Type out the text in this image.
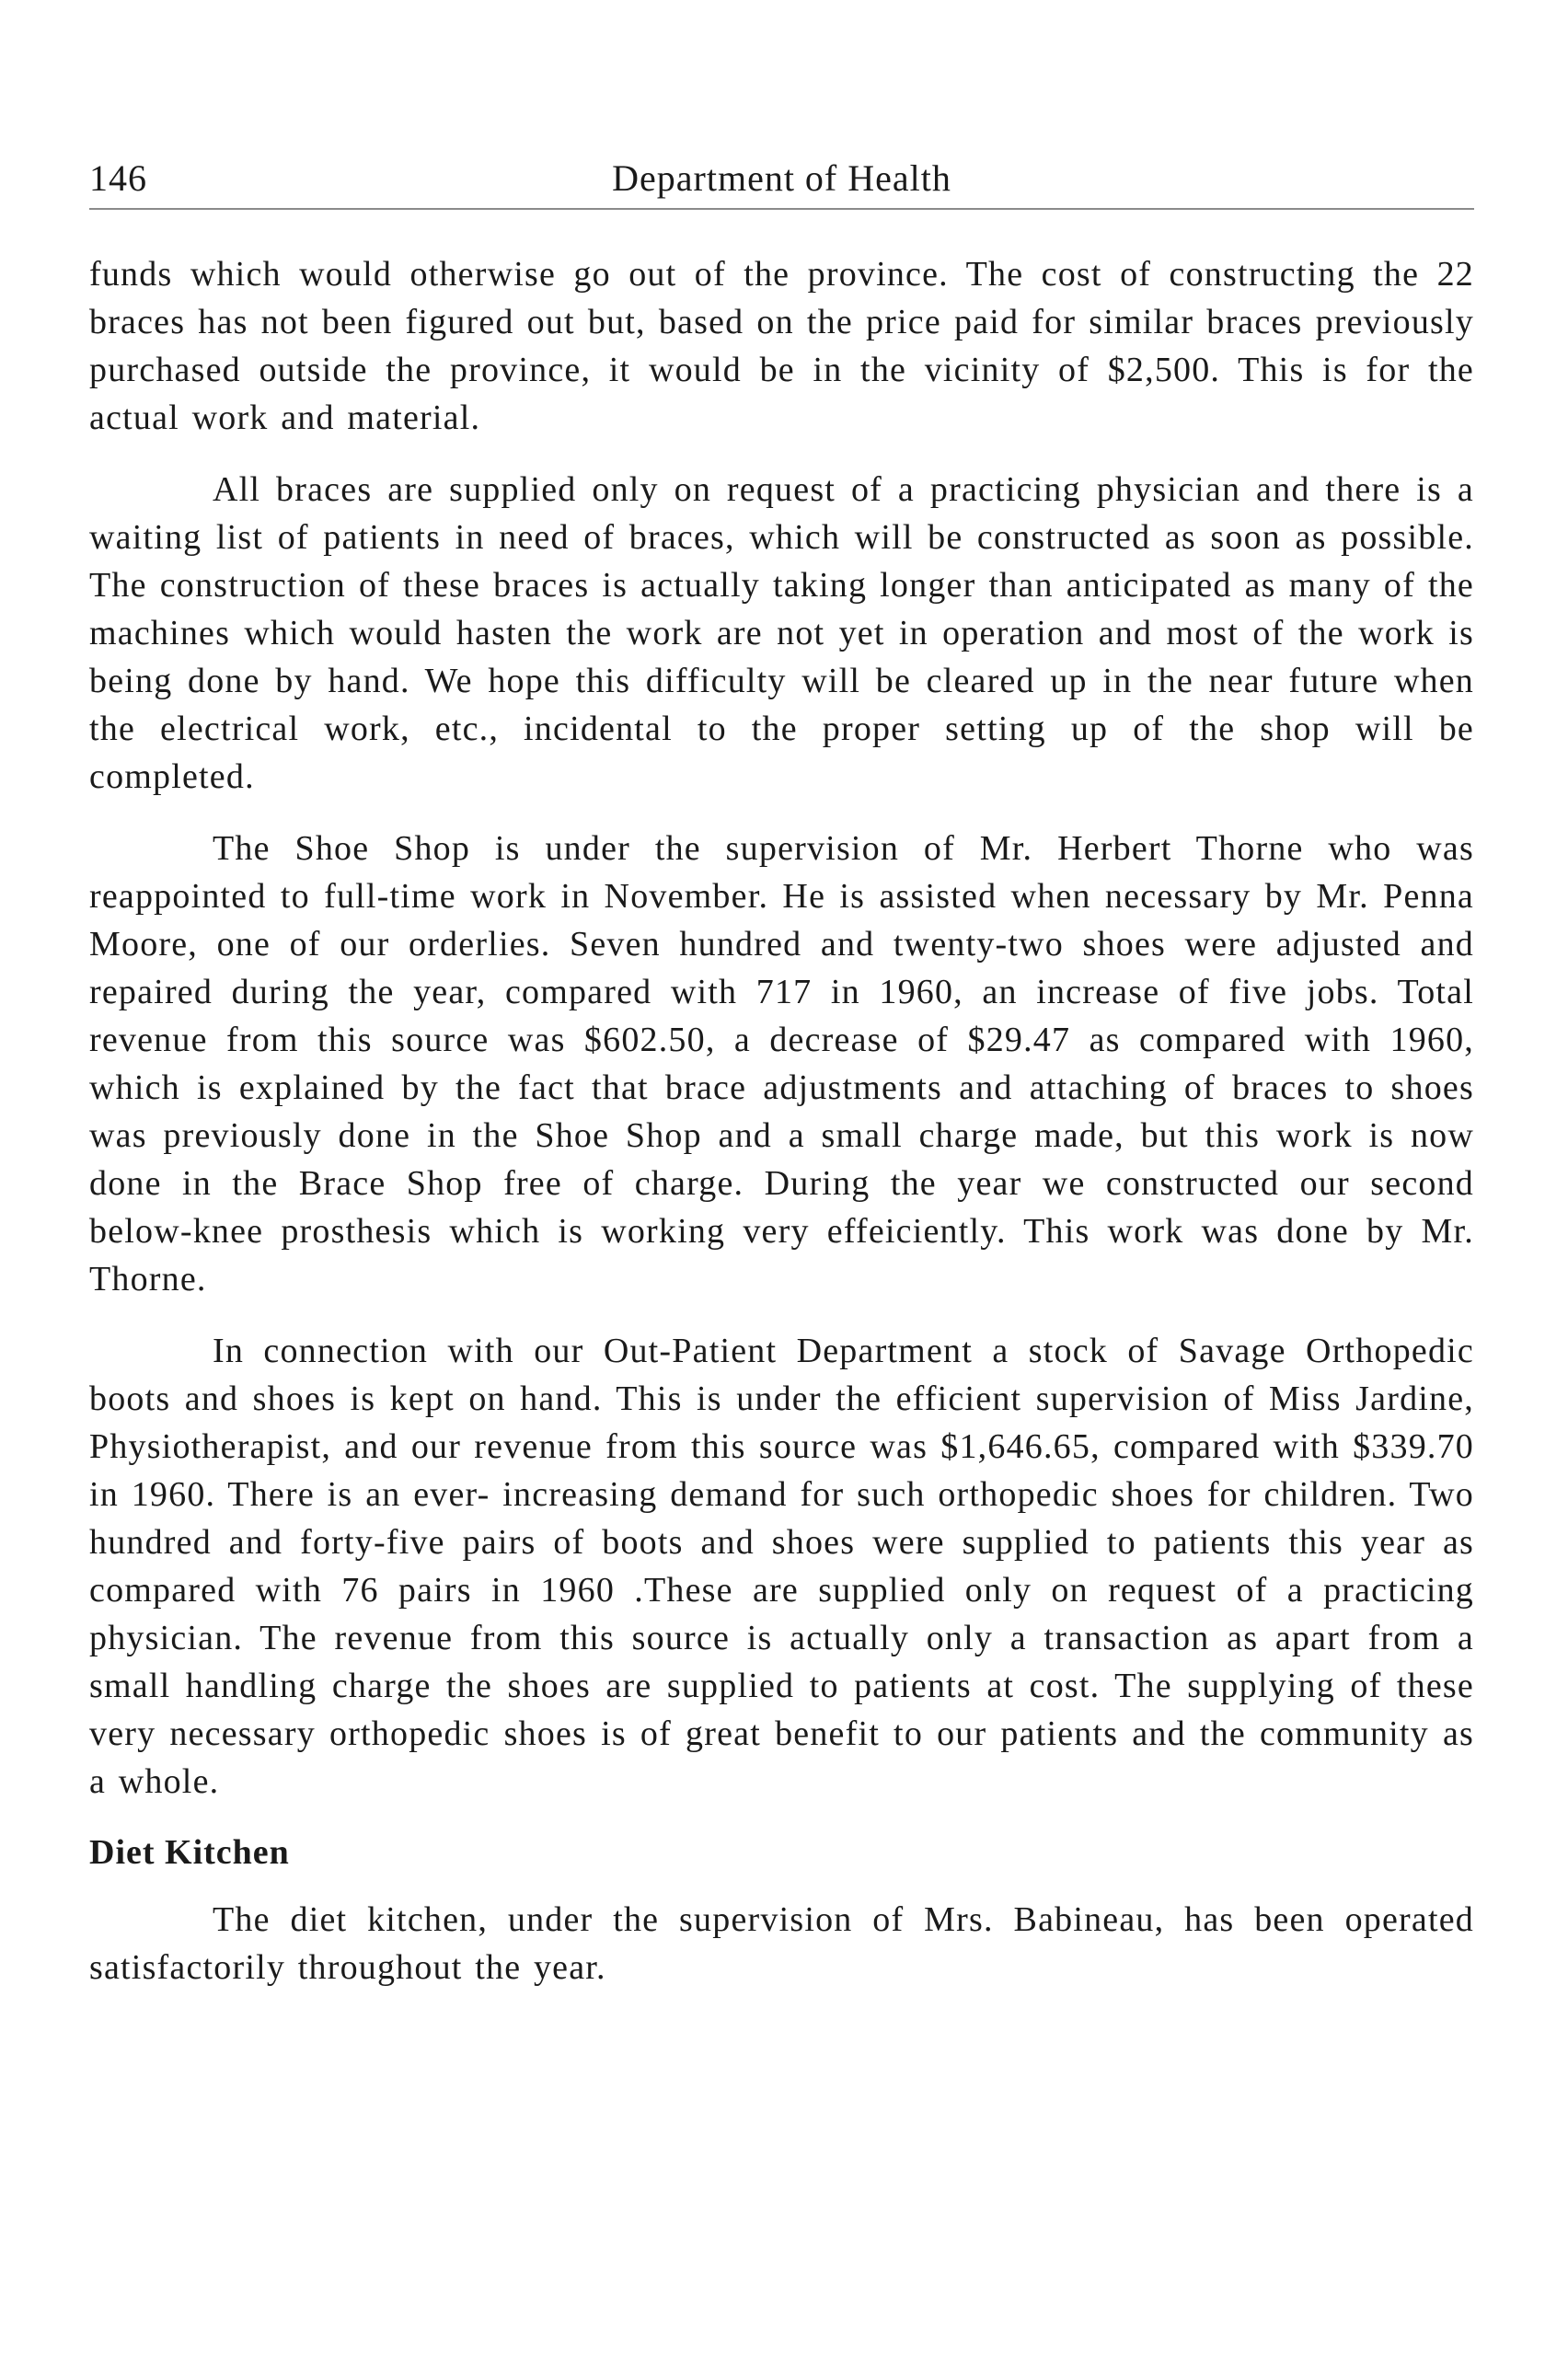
146	Department of Health

funds which would otherwise go out of the province. The cost of constructing the 22 braces has not been figured out but, based on the price paid for similar braces previously purchased outside the province, it would be in the vicinity of $2,500. This is for the actual work and material.

All braces are supplied only on request of a practicing physician and there is a waiting list of patients in need of braces, which will be constructed as soon as possible. The construction of these braces is actually taking longer than anticipated as many of the machines which would hasten the work are not yet in operation and most of the work is being done by hand. We hope this difficulty will be cleared up in the near future when the electrical work, etc., incidental to the proper setting up of the shop will be completed.

The Shoe Shop is under the supervision of Mr. Herbert Thorne who was reappointed to full-time work in November. He is assisted when necessary by Mr. Penna Moore, one of our orderlies. Seven hundred and twenty-two shoes were adjusted and repaired during the year, compared with 717 in 1960, an increase of five jobs. Total revenue from this source was $602.50, a decrease of $29.47 as compared with 1960, which is explained by the fact that brace adjustments and attaching of braces to shoes was previously done in the Shoe Shop and a small charge made, but this work is now done in the Brace Shop free of charge. During the year we constructed our second below-knee prosthesis which is working very effeiciently. This work was done by Mr. Thorne.

In connection with our Out-Patient Department a stock of Savage Orthopedic boots and shoes is kept on hand. This is under the efficient supervision of Miss Jardine, Physiotherapist, and our revenue from this source was $1,646.65, compared with $339.70 in 1960. There is an ever- increasing demand for such orthopedic shoes for children. Two hundred and forty-five pairs of boots and shoes were supplied to patients this year as compared with 76 pairs in 1960 .These are supplied only on request of a practicing physician. The revenue from this source is actually only a transaction as apart from a small handling charge the shoes are supplied to patients at cost. The supplying of these very necessary orthopedic shoes is of great benefit to our patients and the community as a whole.

Diet Kitchen

The diet kitchen, under the supervision of Mrs. Babineau, has been operated satisfactorily throughout the year.
